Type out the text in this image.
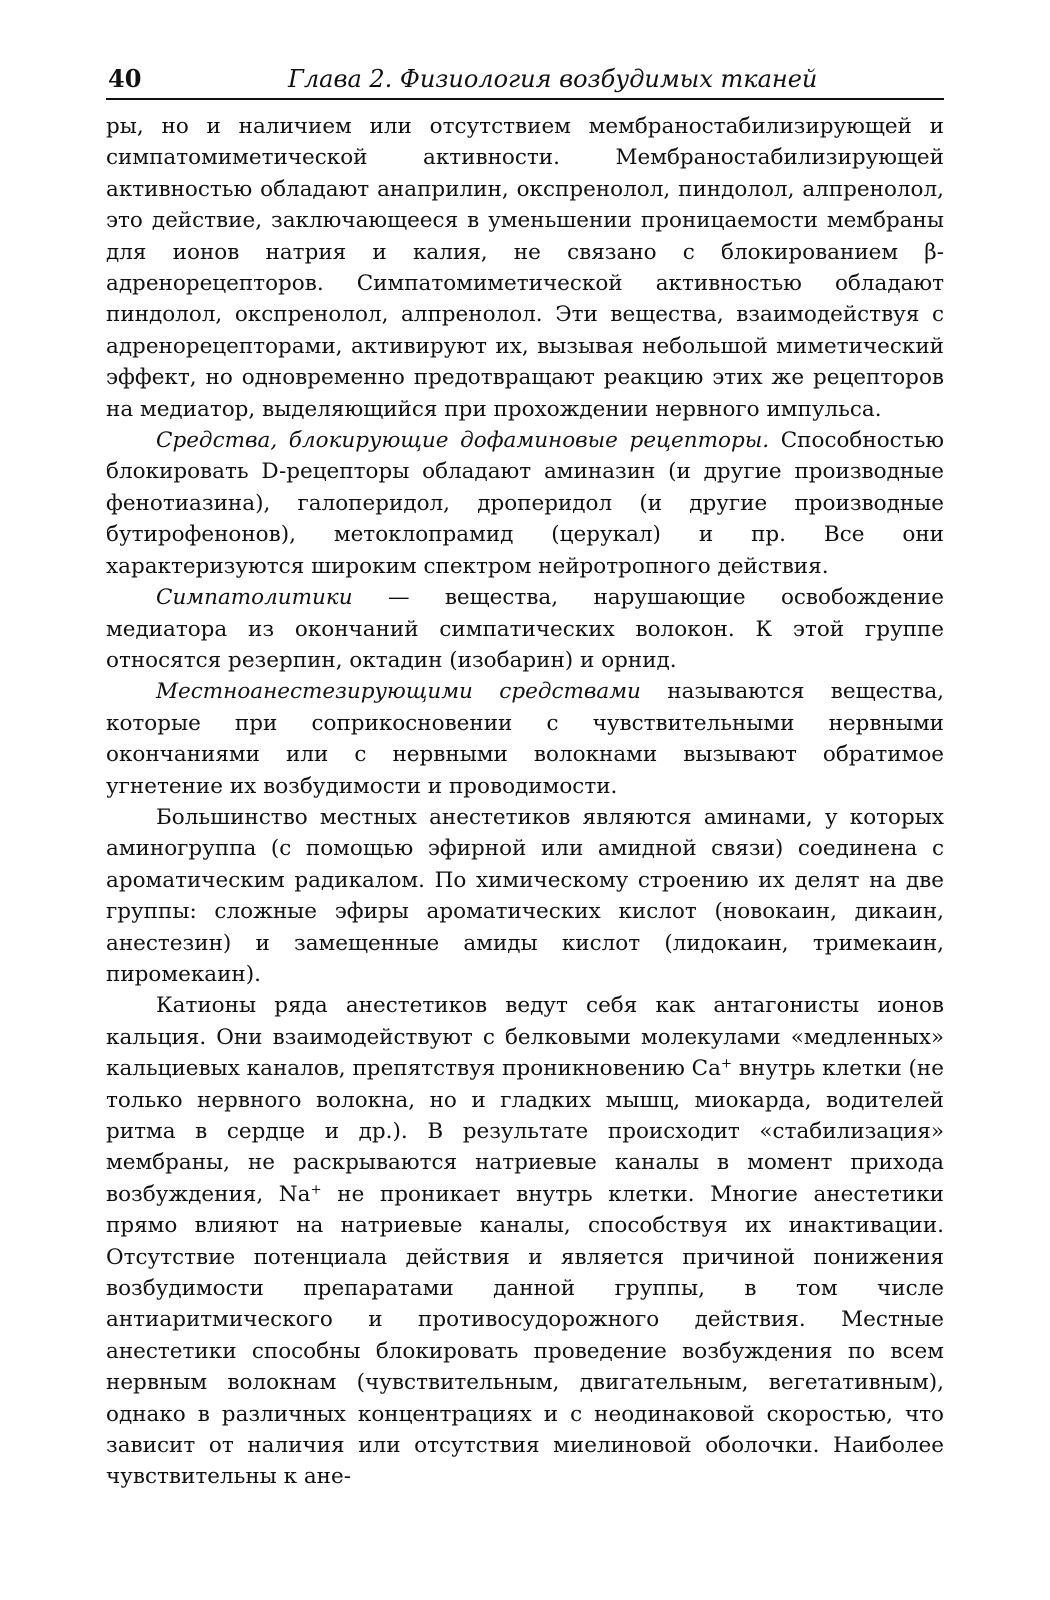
40	Глава 2. Физиология возбудимых тканей

ры, но и наличием или отсутствием мембраностабилизирующей и симпатомиметической активности. Мембраностабилизирующей активностью обладают анаприлин, окспренолол, пиндолол, алпренолол, это действие, заключающееся в уменьшении проницаемости мембраны для ионов натрия и калия, не связано с блокированием β-адренорецепторов. Симпатомиметической активностью обладают пиндолол, окспренолол, алпренолол. Эти вещества, взаимодействуя с адренорецепторами, активируют их, вызывая небольшой миметический эффект, но одновременно предотвращают реакцию этих же рецепторов на медиатор, выделяющийся при прохождении нервного импульса.

Средства, блокирующие дофаминовые рецепторы. Способностью блокировать D-рецепторы обладают аминазин (и другие производные фенотиазина), галоперидол, дроперидол (и другие производные бутирофенонов), метоклопрамид (церукал) и пр. Все они характеризуются широким спектром нейротропного действия.

Симпатолитики — вещества, нарушающие освобождение медиатора из окончаний симпатических волокон. К этой группе относятся резерпин, октадин (изобарин) и орнид.

Местноанестезирующими средствами называются вещества, которые при соприкосновении с чувствительными нервными окончаниями или с нервными волокнами вызывают обратимое угнетение их возбудимости и проводимости.

Большинство местных анестетиков являются аминами, у которых аминогруппа (с помощью эфирной или амидной связи) соединена с ароматическим радикалом. По химическому строению их делят на две группы: сложные эфиры ароматических кислот (новокаин, дикаин, анестезин) и замещенные амиды кислот (лидокаин, тримекаин, пиромекаин).

Катионы ряда анестетиков ведут себя как антагонисты ионов кальция. Они взаимодействуют с белковыми молекулами «медленных» кальциевых каналов, препятствуя проникновению Ca+ внутрь клетки (не только нервного волокна, но и гладких мышц, миокарда, водителей ритма в сердце и др.). В результате происходит «стабилизация» мембраны, не раскрываются натриевые каналы в момент прихода возбуждения, Na+ не проникает внутрь клетки. Многие анестетики прямо влияют на натриевые каналы, способствуя их инактивации. Отсутствие потенциала действия и является причиной понижения возбудимости препаратами данной группы, в том числе антиаритмического и противосудорожного действия. Местные анестетики способны блокировать проведение возбуждения по всем нервным волокнам (чувствительным, двигательным, вегетативным), однако в различных концентрациях и с неодинаковой скоростью, что зависит от наличия или отсутствия миелиновой оболочки. Наиболее чувствительны к ане-
